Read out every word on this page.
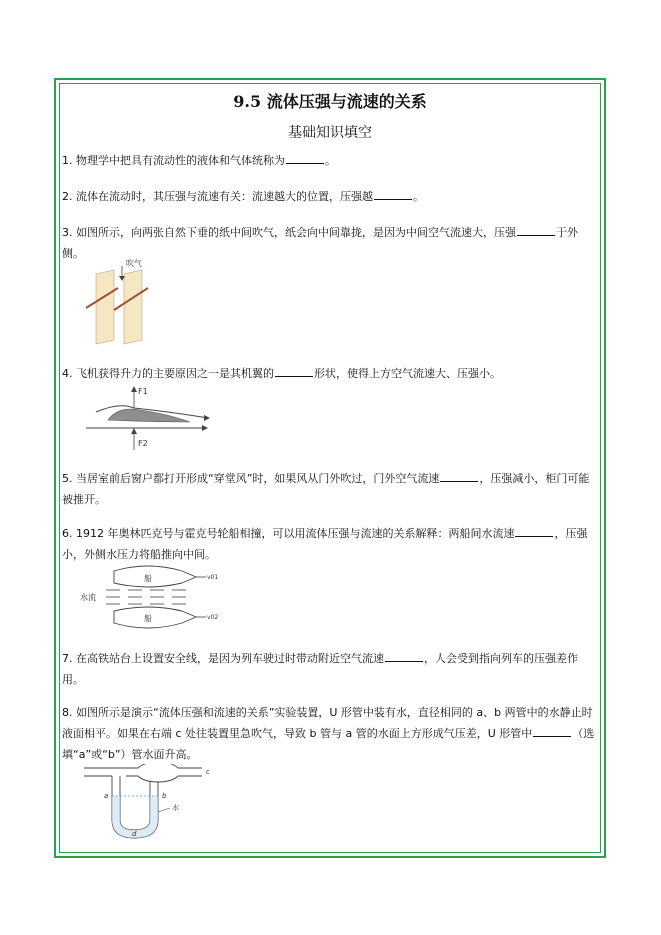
9.5 流体压强与流速的关系
基础知识填空
1. 物理学中把具有流动性的液体和气体统称为	。
2. 流体在流动时，其压强与流速有关：流速越大的位置，压强越	。
3. 如图所示，向两张自然下垂的纸中间吹气，纸会向中间靠拢，是因为中间空气流速大，压强	于外侧。
吹气
4. 飞机获得升力的主要原因之一是其机翼的	形状，使得上方空气流速大、压强小。
F1
F2
5. 当居室前后窗户都打开形成“穿堂风”时，如果风从门外吹过，门外空气流速	，压强减小，柜门可能被推开。
6. 1912 年奥林匹克号与霍克号轮船相撞，可以用流体压强与流速的关系解释：两船间水流速	，压强小，外侧水压力将船推向中间。
船	v01
船	v02
水流
7. 在高铁站台上设置安全线，是因为列车驶过时带动附近空气流速	，人会受到指向列车的压强差作用。
8. 如图所示是演示“流体压强和流速的关系”实验装置，U 形管中装有水，直径相同的 a、b 两管中的水静止时液面相平。如果在右端 c 处往装置里急吹气，导致 b 管与 a 管的水面上方形成气压差，U 形管中	（选填“a”或“b”）管水面升高。
a	b
c
d
水
